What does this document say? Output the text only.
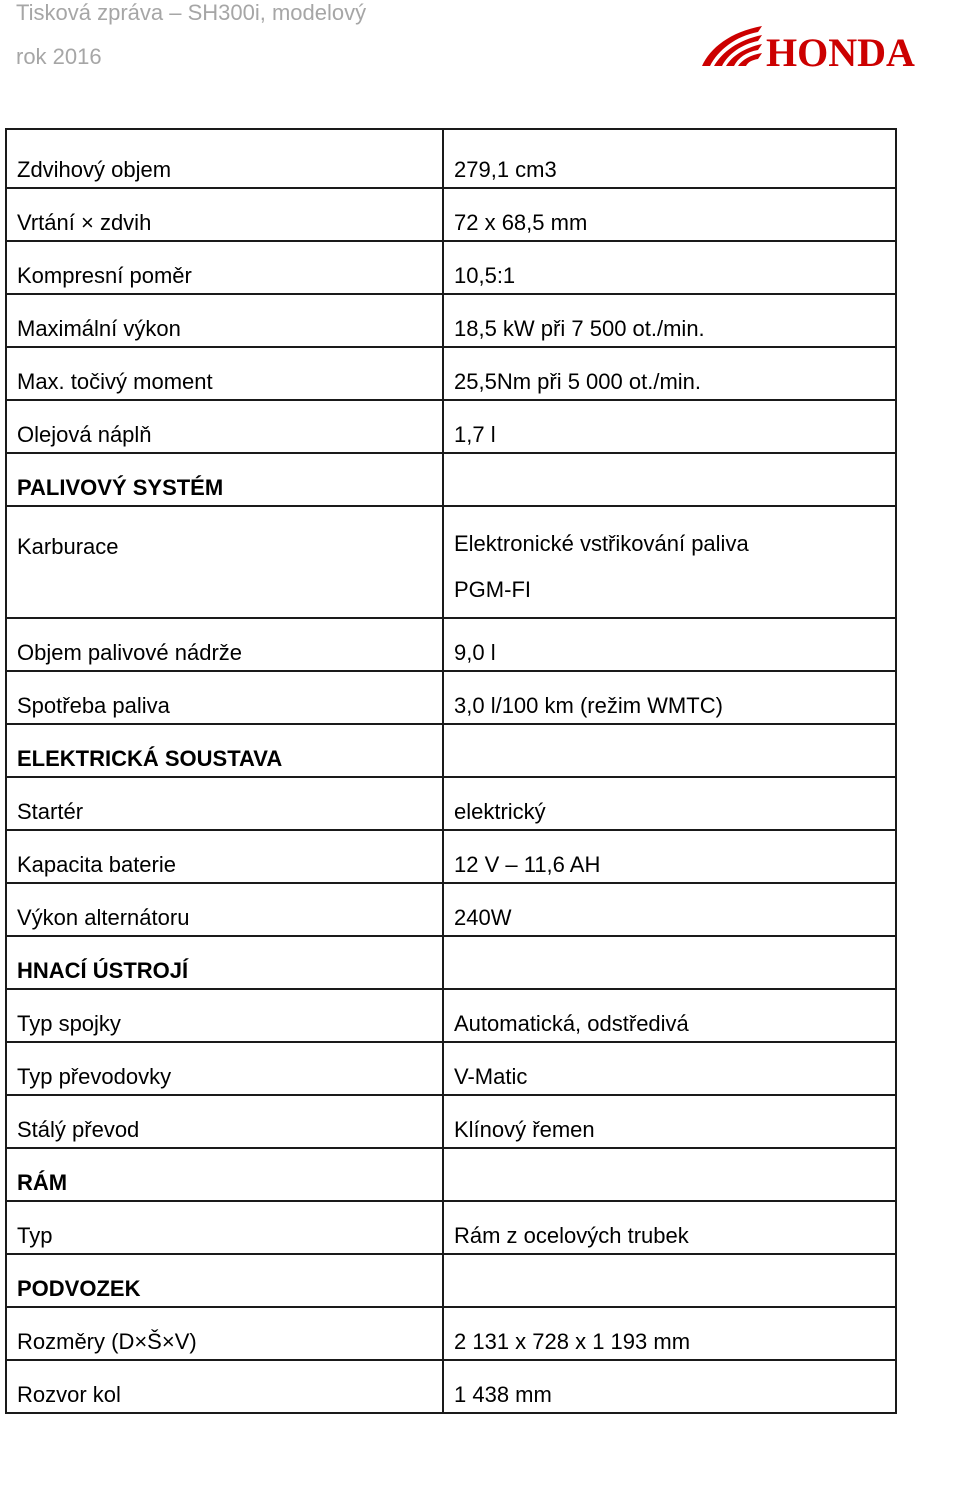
Tisková zpráva – SH300i, modelový
rok 2016	HONDA
Zdvihový objem	279,1 cm3
Vrtání × zdvih	72 x 68,5 mm
Kompresní poměr	10,5:1
Maximální výkon	18,5 kW při 7 500 ot./min.
Max. točivý moment	25,5Nm při 5 000 ot./min.
Olejová náplň	1,7 l
PALIVOVÝ SYSTÉM	
Karburace	Elektronické vstřikování paliva
PGM-FI

Objem palivové nádrže	9,0 l
Spotřeba paliva	3,0 l/100 km (režim WMTC)
ELEKTRICKÁ SOUSTAVA	
Startér	elektrický
Kapacita baterie	12 V – 11,6 AH
Výkon alternátoru	240W
HNACÍ ÚSTROJÍ	
Typ spojky	Automatická, odstředivá
Typ převodovky	V-Matic
Stálý převod	Klínový řemen
RÁM	
Typ	Rám z ocelových trubek
PODVOZEK	
Rozměry (D×Š×V)	2 131 x 728 x 1 193 mm
Rozvor kol	1 438 mm
